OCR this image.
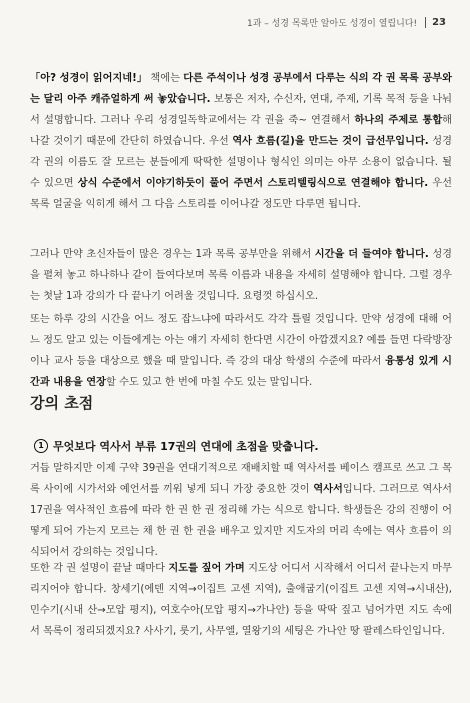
1과 – 성경 목록만 알아도 성경이 열립니다! 23
「아? 성경이 읽어지네!」 책에는 다른 주석이나 성경 공부에서 다루는 식의 각 권 목록 공부와는 달리 아주 캐쥬얼하게 써 놓았습니다. 보통은 저자, 수신자, 연대, 주제, 기록 목적 등을 나눠서 설명합니다. 그러나 우리 성경일독학교에서는 각 권을 죽~ 연결해서 하나의 주제로 통합해 나갈 것이기 때문에 간단히 하였습니다. 우선 역사 흐름(길)을 만드는 것이 급선무입니다. 성경 각 권의 이름도 잘 모르는 분들에게 딱딱한 설명이나 형식인 의미는 아무 소용이 없습니다. 될 수 있으면 상식 수준에서 이야기하듯이 풀어 주면서 스토리텔링식으로 연결해야 합니다. 우선 목록 얼굴을 익히게 해서 그 다음 스토리를 이어나갈 정도만 다루면 됩니다.
그러나 만약 초신자들이 많은 경우는 1과 목록 공부만을 위해서 시간을 더 들여야 합니다. 성경을 펼쳐 놓고 하나하나 같이 들여다보며 목록 이름과 내용을 자세히 설명해야 합니다. 그럴 경우는 첫날 1과 강의가 다 끝나기 어려울 것입니다. 요령껏 하십시오.
또는 하루 강의 시간을 어느 정도 잡느냐에 따라서도 각각 틀릴 것입니다. 만약 성경에 대해 어느 정도 알고 있는 이들에게는 아는 얘기 자세히 한다면 시간이 아깝겠지요? 예를 들면 다락방장이나 교사 등을 대상으로 했을 때 말입니다. 즉 강의 대상 학생의 수준에 따라서 융통성 있게 시간과 내용을 연장할 수도 있고 한 번에 마칠 수도 있는 말입니다.
강의 초점
1 무엇보다 역사서 부류 17권의 연대에 초점을 맞춥니다.
거듭 말하지만 이제 구약 39권을 연대기적으로 재배치할 때 역사서를 베이스 캠프로 쓰고 그 목록 사이에 시가서와 예언서를 끼워 넣게 되니 가장 중요한 것이 역사서입니다. 그러므로 역사서 17권을 역사적인 흐름에 따라 한 권 한 권 정리해 가는 식으로 합니다. 학생들은 강의 진행이 어떻게 되어 가는지 모르는 채 한 권 한 권을 배우고 있지만 지도자의 머리 속에는 역사 흐름이 의식되어서 강의하는 것입니다.
또한 각 권 설명이 끝날 때마다 지도를 짚어 가며 지도상 어디서 시작해서 어디서 끝나는지 마무리지어야 합니다. 창세기(에덴 지역→이집트 고센 지역), 출애굽기(이집트 고센 지역→시내산), 민수기(시내 산→모압 평지), 여호수아(모압 평지→가나안) 등을 딱딱 짚고 넘어가면 지도 속에서 목록이 정리되겠지요? 사사기, 룻기, 사무엘, 열왕기의 세팅은 가나안 땅 팔레스타인입니다.
